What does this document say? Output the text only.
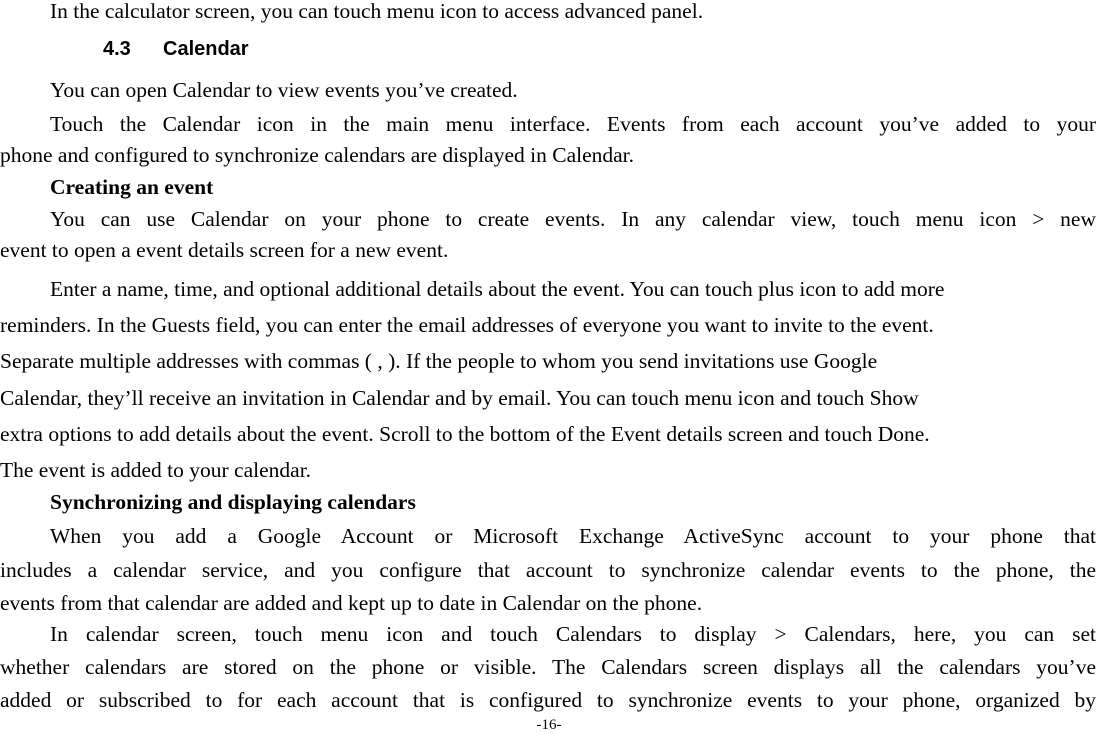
In the calculator screen, you can touch menu icon to access advanced panel.
4.3 Calendar
You can open Calendar to view events you’ve created.
Touch the Calendar icon in the main menu interface. Events from each account you’ve added to your
phone and configured to synchronize calendars are displayed in Calendar.
Creating an event
You can use Calendar on your phone to create events. In any calendar view, touch menu icon > new
event to open a event details screen for a new event.
Enter a name, time, and optional additional details about the event. You can touch plus icon to add more
reminders. In the Guests field, you can enter the email addresses of everyone you want to invite to the event.
Separate multiple addresses with commas ( , ). If the people to whom you send invitations use Google
Calendar, they’ll receive an invitation in Calendar and by email. You can touch menu icon and touch Show
extra options to add details about the event. Scroll to the bottom of the Event details screen and touch Done.
The event is added to your calendar.
Synchronizing and displaying calendars
When you add a Google Account or Microsoft Exchange ActiveSync account to your phone that
includes a calendar service, and you configure that account to synchronize calendar events to the phone, the
events from that calendar are added and kept up to date in Calendar on the phone.
In calendar screen, touch menu icon and touch Calendars to display > Calendars, here, you can set
whether calendars are stored on the phone or visible. The Calendars screen displays all the calendars you’ve
added or subscribed to for each account that is configured to synchronize events to your phone, organized by
-16-
